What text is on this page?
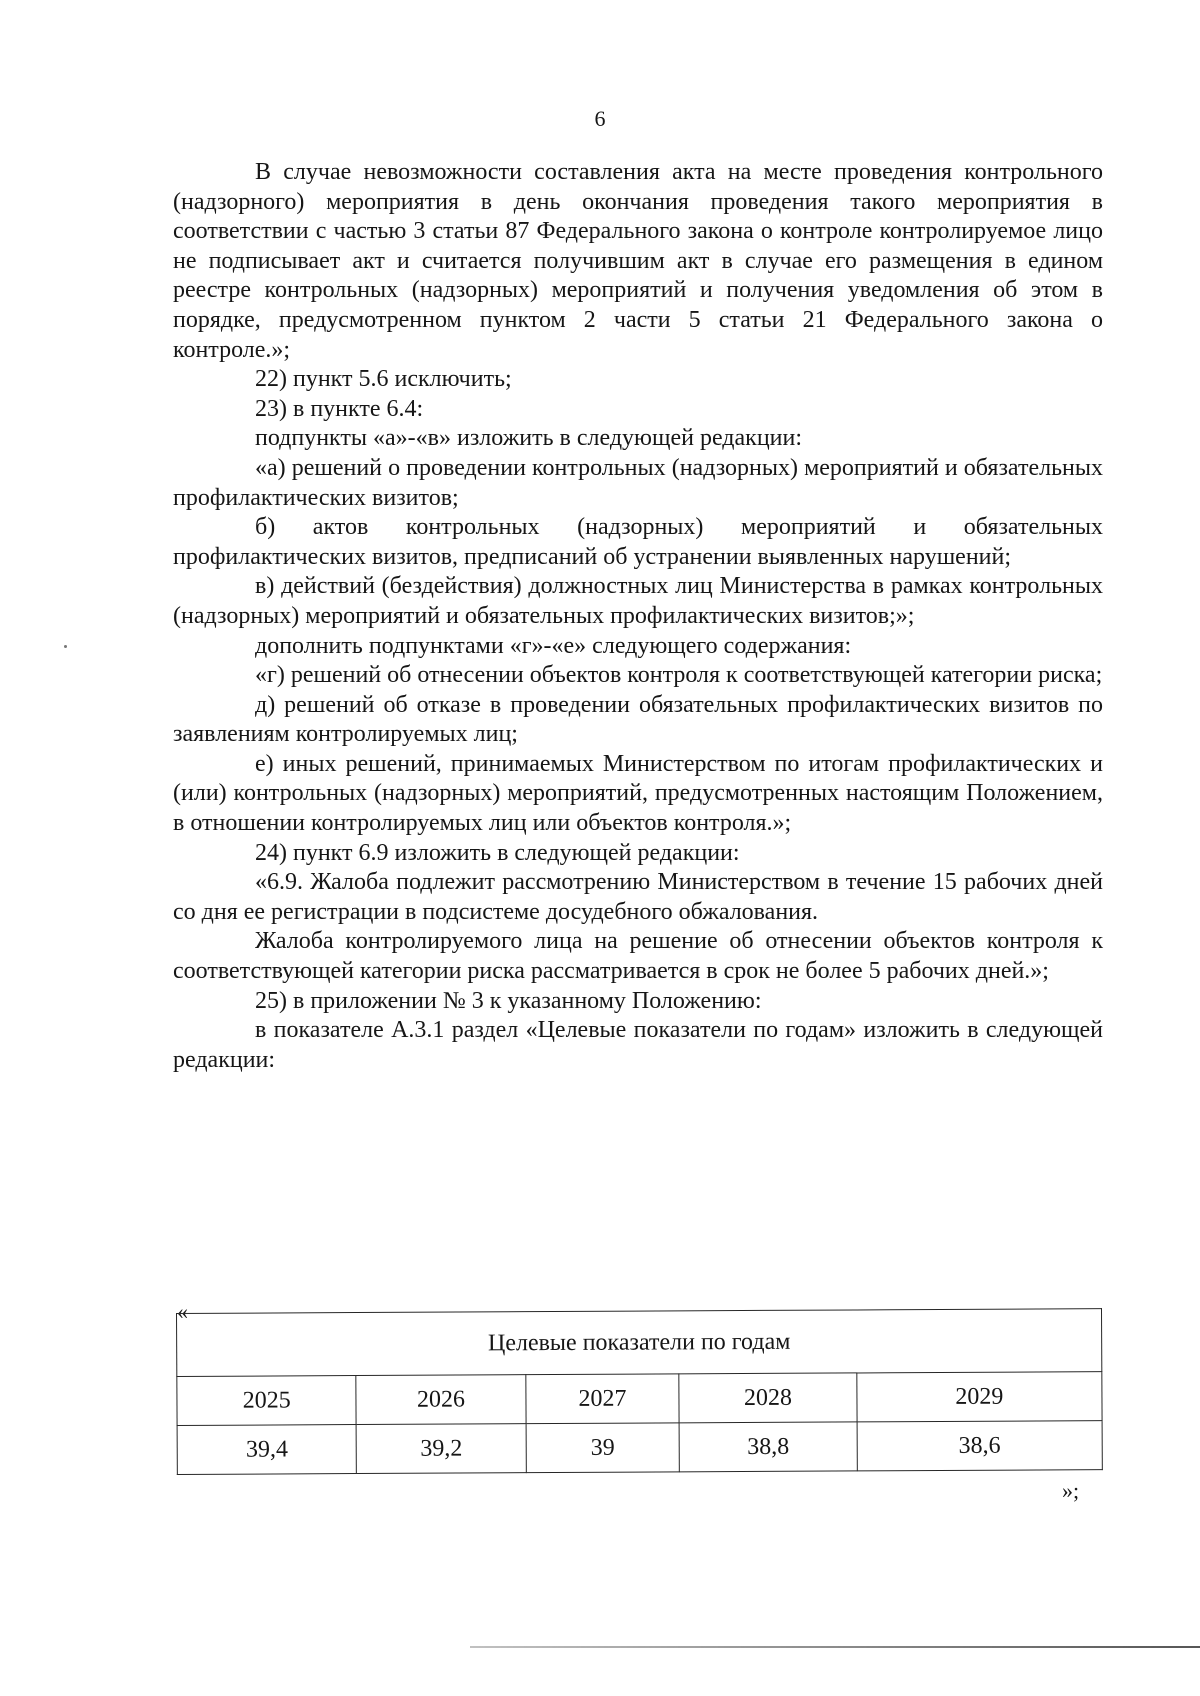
6

В случае невозможности составления акта на месте проведения контрольного (надзорного) мероприятия в день окончания проведения такого мероприятия в соответствии с частью 3 статьи 87 Федерального закона о контроле контролируемое лицо не подписывает акт и считается получившим акт в случае его размещения в едином реестре контрольных (надзорных) мероприятий и получения уведомления об этом в порядке, предусмотренном пунктом 2 части 5 статьи 21 Федерального закона о контроле.»;

22) пункт 5.6 исключить;

23) в пункте 6.4:

подпункты «а»-«в» изложить в следующей редакции:

«а) решений о проведении контрольных (надзорных) мероприятий и обязательных профилактических визитов;

б) актов контрольных (надзорных) мероприятий и обязательных профилактических визитов, предписаний об устранении выявленных нарушений;

в) действий (бездействия) должностных лиц Министерства в рамках контрольных (надзорных) мероприятий и обязательных профилактических визитов;»;

дополнить подпунктами «г»-«е» следующего содержания:

«г) решений об отнесении объектов контроля к соответствующей категории риска;

д) решений об отказе в проведении обязательных профилактических визитов по заявлениям контролируемых лиц;

е) иных решений, принимаемых Министерством по итогам профилактических и (или) контрольных (надзорных) мероприятий, предусмотренных настоящим Положением, в отношении контролируемых лиц или объектов контроля.»;

24) пункт 6.9 изложить в следующей редакции:

«6.9. Жалоба подлежит рассмотрению Министерством в течение 15 рабочих дней со дня ее регистрации в подсистеме досудебного обжалования.

Жалоба контролируемого лица на решение об отнесении объектов контроля к соответствующей категории риска рассматривается в срок не более 5 рабочих дней.»;

25) в приложении № 3 к указанному Положению:

в показателе А.3.1 раздел «Целевые показатели по годам» изложить в следующей редакции:

«
Целевые показатели по годам				
2025	2026	2027	2028	2029
39,4	39,2	39	38,8	38,6
»;
